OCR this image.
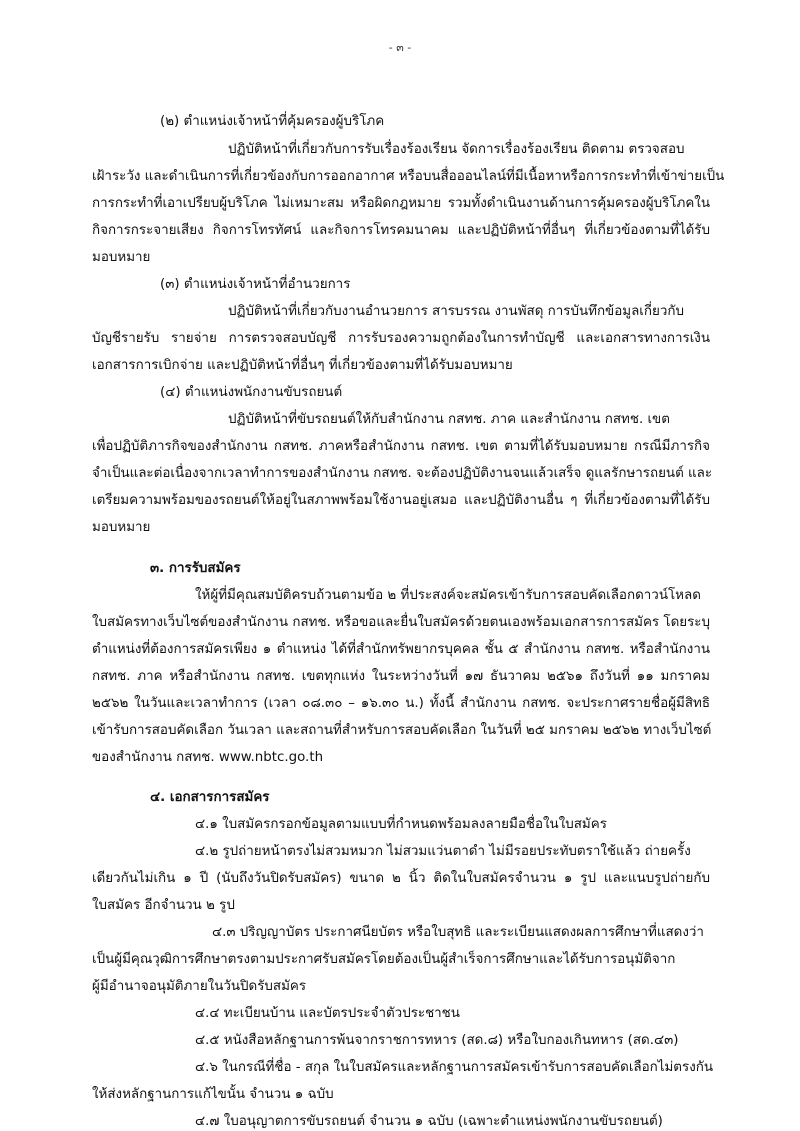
- ๓ -
(๒) ตำแหน่งเจ้าหน้าที่คุ้มครองผู้บริโภค
ปฏิบัติหน้าที่เกี่ยวกับการรับเรื่องร้องเรียน จัดการเรื่องร้องเรียน ติดตาม ตรวจสอบ
เฝ้าระวัง และดำเนินการที่เกี่ยวข้องกับการออกอากาศ หรือบนสื่อออนไลน์ที่มีเนื้อหาหรือการกระทำที่เข้าข่ายเป็น
การกระทำที่เอาเปรียบผู้บริโภค ไม่เหมาะสม หรือผิดกฎหมาย รวมทั้งดำเนินงานด้านการคุ้มครองผู้บริโภคใน
กิจการกระจายเสียง กิจการโทรทัศน์ และกิจการโทรคมนาคม และปฏิบัติหน้าที่อื่นๆ ที่เกี่ยวข้องตามที่ได้รับ
มอบหมาย
(๓) ตำแหน่งเจ้าหน้าที่อำนวยการ
ปฏิบัติหน้าที่เกี่ยวกับงานอำนวยการ สารบรรณ งานพัสดุ การบันทึกข้อมูลเกี่ยวกับ
บัญชีรายรับ รายจ่าย การตรวจสอบบัญชี การรับรองความถูกต้องในการทำบัญชี และเอกสารทางการเงิน
เอกสารการเบิกจ่าย และปฏิบัติหน้าที่อื่นๆ ที่เกี่ยวข้องตามที่ได้รับมอบหมาย
(๔) ตำแหน่งพนักงานขับรถยนต์
ปฏิบัติหน้าที่ขับรถยนต์ให้กับสำนักงาน กสทช. ภาค และสำนักงาน กสทช. เขต
เพื่อปฏิบัติภารกิจของสำนักงาน กสทช. ภาคหรือสำนักงาน กสทช. เขต ตามที่ได้รับมอบหมาย กรณีมีภารกิจ
จำเป็นและต่อเนื่องจากเวลาทำการของสำนักงาน กสทช. จะต้องปฏิบัติงานจนแล้วเสร็จ ดูแลรักษารถยนต์ และ
เตรียมความพร้อมของรถยนต์ให้อยู่ในสภาพพร้อมใช้งานอยู่เสมอ และปฏิบัติงานอื่น ๆ ที่เกี่ยวข้องตามที่ได้รับ
มอบหมาย
๓. การรับสมัคร
ให้ผู้ที่มีคุณสมบัติครบถ้วนตามข้อ ๒ ที่ประสงค์จะสมัครเข้ารับการสอบคัดเลือกดาวน์โหลด
ใบสมัครทางเว็บไซต์ของสำนักงาน กสทช. หรือขอและยื่นใบสมัครด้วยตนเองพร้อมเอกสารการสมัคร โดยระบุ
ตำแหน่งที่ต้องการสมัครเพียง ๑ ตำแหน่ง ได้ที่สำนักทรัพยากรบุคคล ชั้น ๕ สำนักงาน กสทช. หรือสำนักงาน
กสทช. ภาค หรือสำนักงาน กสทช. เขตทุกแห่ง ในระหว่างวันที่ ๑๗ ธันวาคม ๒๕๖๑ ถึงวันที่ ๑๑ มกราคม
๒๕๖๒ ในวันและเวลาทำการ (เวลา ๐๘.๓๐ – ๑๖.๓๐ น.) ทั้งนี้ สำนักงาน กสทช. จะประกาศรายชื่อผู้มีสิทธิ
เข้ารับการสอบคัดเลือก วันเวลา และสถานที่สำหรับการสอบคัดเลือก ในวันที่ ๒๕ มกราคม ๒๕๖๒ ทางเว็บไซต์
ของสำนักงาน กสทช. www.nbtc.go.th
๔. เอกสารการสมัคร
๔.๑ ใบสมัครกรอกข้อมูลตามแบบที่กำหนดพร้อมลงลายมือชื่อในใบสมัคร
๔.๒ รูปถ่ายหน้าตรงไม่สวมหมวก ไม่สวมแว่นตาดำ ไม่มีรอยประทับตราใช้แล้ว ถ่ายครั้ง
เดียวกันไม่เกิน ๑ ปี (นับถึงวันปิดรับสมัคร) ขนาด ๒ นิ้ว ติดในใบสมัครจำนวน ๑ รูป และแนบรูปถ่ายกับ
ใบสมัคร อีกจำนวน ๒ รูป
๔.๓ ปริญญาบัตร ประกาศนียบัตร หรือใบสุทธิ และระเบียนแสดงผลการศึกษาที่แสดงว่า
เป็นผู้มีคุณวุฒิการศึกษาตรงตามประกาศรับสมัครโดยต้องเป็นผู้สำเร็จการศึกษาและได้รับการอนุมัติจาก
ผู้มีอำนาจอนุมัติภายในวันปิดรับสมัคร
๔.๔ ทะเบียนบ้าน และบัตรประจำตัวประชาชน
๔.๕ หนังสือหลักฐานการพ้นจากราชการทหาร (สด.๘) หรือใบกองเกินทหาร (สด.๔๓)
๔.๖ ในกรณีที่ชื่อ - สกุล ในใบสมัครและหลักฐานการสมัครเข้ารับการสอบคัดเลือกไม่ตรงกัน
ให้ส่งหลักฐานการแก้ไขนั้น จำนวน ๑ ฉบับ
๔.๗ ใบอนุญาตการขับรถยนต์ จำนวน ๑ ฉบับ (เฉพาะตำแหน่งพนักงานขับรถยนต์)
